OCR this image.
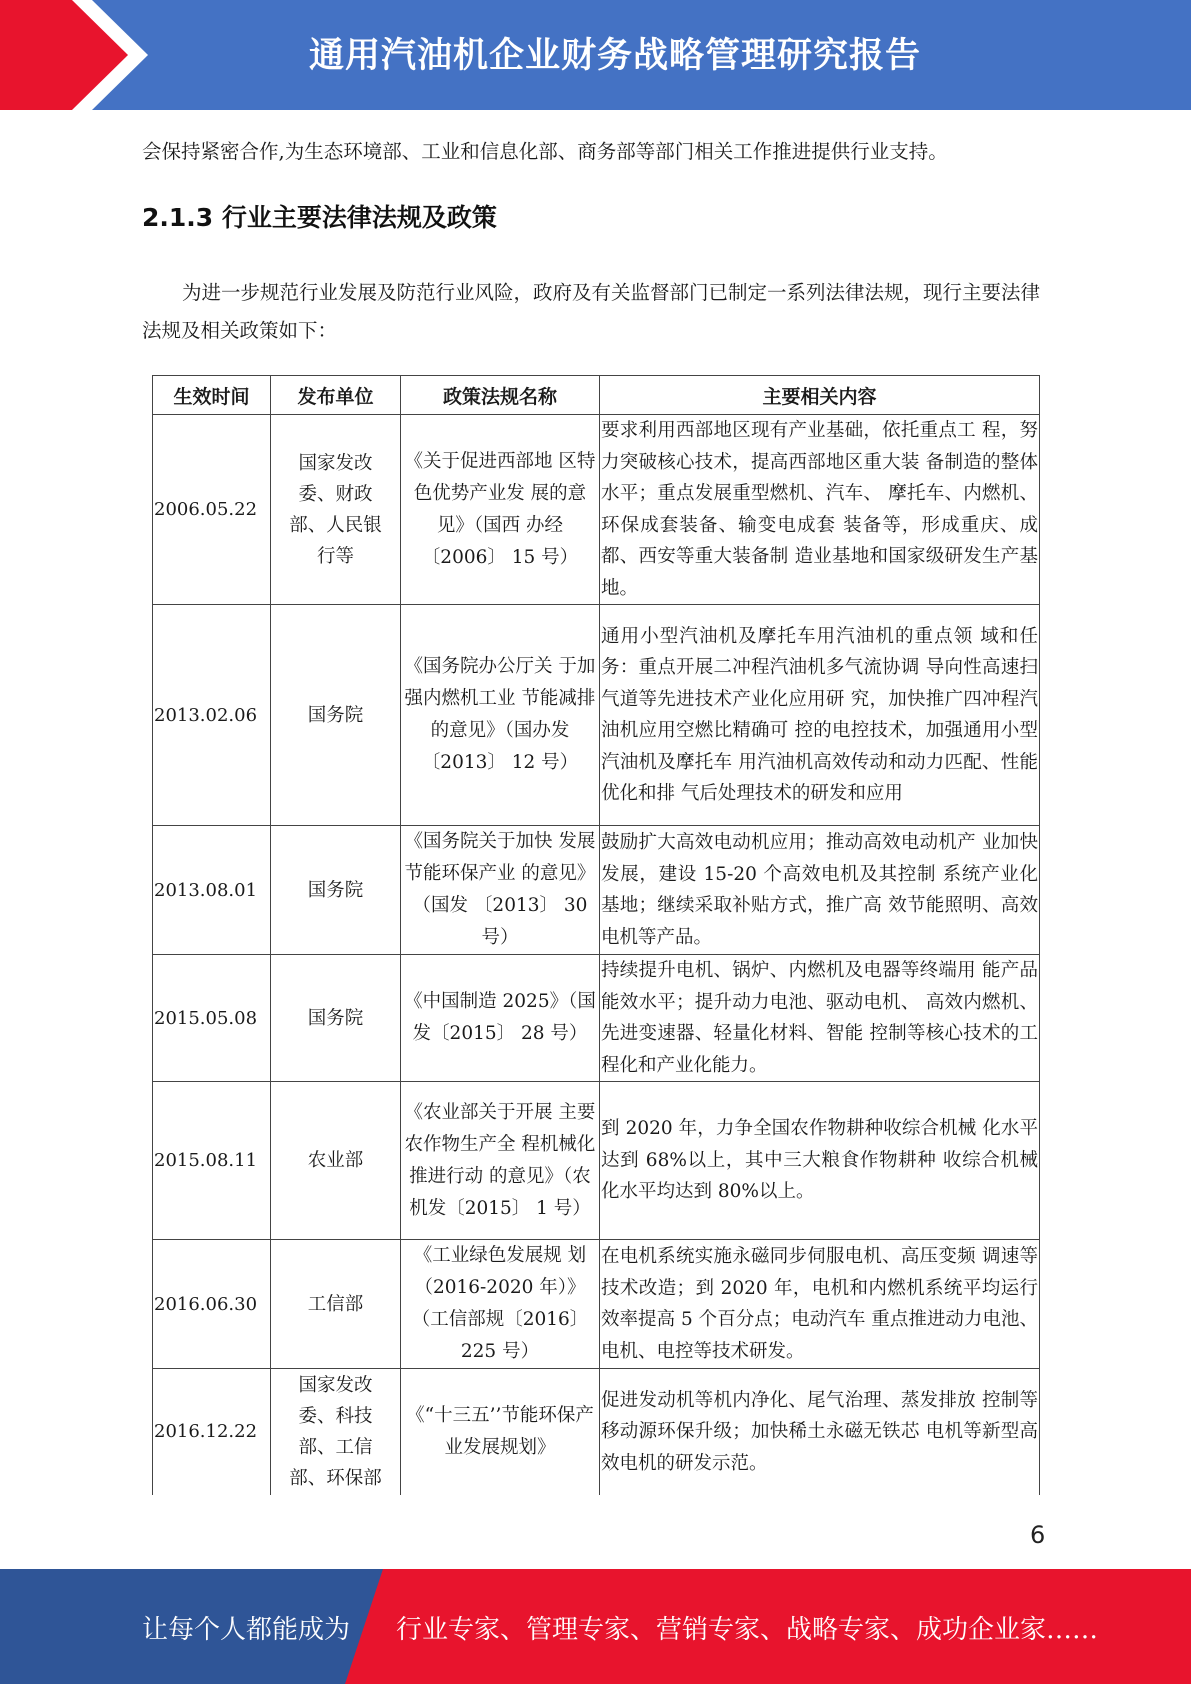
通用汽油机企业财务战略管理研究报告

会保持紧密合作,为生态环境部、工业和信息化部、商务部等部门相关工作推进提供行业支持。

2.1.3 行业主要法律法规及政策

为进一步规范行业发展及防范行业风险，政府及有关监督部门已制定一系列法律法规，现行主要法律法规及相关政策如下：

生效时间	发布单位	政策法规名称	主要相关内容
2006.05.22	国家发改委、财政部、人民银行等	《关于促进西部地 区特色优势产业发 展的意见》（国西 办经〔2006〕 15 号）	要求利用西部地区现有产业基础，依托重点工 程，努力突破核心技术，提高西部地区重大装 备制造的整体水平；重点发展重型燃机、汽车、 摩托车、内燃机、环保成套装备、输变电成套 装备等，形成重庆、成都、西安等重大装备制 造业基地和国家级研发生产基地。
2013.02.06	国务院	《国务院办公厅关 于加强内燃机工业 节能减排的意见》（国办发〔2013〕 12 号）	通用小型汽油机及摩托车用汽油机的重点领 域和任务：重点开展二冲程汽油机多气流协调 导向性高速扫气道等先进技术产业化应用研 究，加快推广四冲程汽油机应用空燃比精确可 控的电控技术，加强通用小型汽油机及摩托车 用汽油机高效传动和动力匹配、性能优化和排 气后处理技术的研发和应用
2013.08.01	国务院	《国务院关于加快 发展节能环保产业 的意见》（国发 〔2013〕 30 号）	鼓励扩大高效电动机应用；推动高效电动机产 业加快发展，建设 15-20 个高效电机及其控制 系统产业化基地；继续采取补贴方式，推广高 效节能照明、高效电机等产品。
2015.05.08	国务院	《中国制造 2025》（国发〔2015〕 28 号）	持续提升电机、锅炉、内燃机及电器等终端用 能产品能效水平；提升动力电池、驱动电机、 高效内燃机、先进变速器、轻量化材料、智能 控制等核心技术的工程化和产业化能力。
2015.08.11	农业部	《农业部关于开展 主要农作物生产全 程机械化推进行动 的意见》（农机发〔2015〕 1 号）	到 2020 年，力争全国农作物耕种收综合机械 化水平达到 68%以上，其中三大粮食作物耕种 收综合机械化水平均达到 80%以上。
2016.06.30	工信部	《工业绿色发展规 划（2016-2020 年）》（工信部规〔2016〕225 号）	在电机系统实施永磁同步伺服电机、高压变频 调速等技术改造；到 2020 年，电机和内燃机系统平均运行效率提高 5 个百分点；电动汽车 重点推进动力电池、电机、电控等技术研发。
2016.12.22	国家发改委、科技部、工信部、环保部	《“十三五’’节能环保产业发展规划》	促进发动机等机内净化、尾气治理、蒸发排放 控制等移动源环保升级；加快稀土永磁无铁芯 电机等新型高效电机的研发示范。
6
让每个人都能成为 行业专家、管理专家、营销专家、战略专家、成功企业家……
